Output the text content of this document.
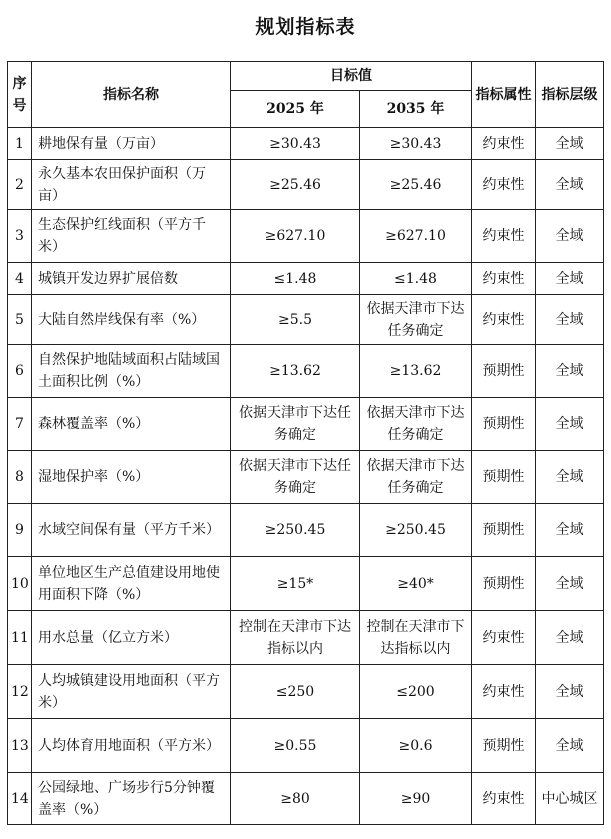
规划指标表
序号	指标名称	目标值		指标属性	指标层级
		2025 年	2035 年		
1	耕地保有量（万亩）	≥30.43	≥30.43	约束性	全域
2	永久基本农田保护面积（万亩）	≥25.46	≥25.46	约束性	全域
3	生态保护红线面积（平方千米）	≥627.10	≥627.10	约束性	全域
4	城镇开发边界扩展倍数	≤1.48	≤1.48	约束性	全域
5	大陆自然岸线保有率（%）	≥5.5	依据天津市下达任务确定	约束性	全域
6	自然保护地陆域面积占陆域国土面积比例（%）	≥13.62	≥13.62	预期性	全域
7	森林覆盖率（%）	依据天津市下达任务确定	依据天津市下达任务确定	预期性	全域
8	湿地保护率（%）	依据天津市下达任务确定	依据天津市下达任务确定	预期性	全域
9	水域空间保有量（平方千米）	≥250.45	≥250.45	预期性	全域
10	单位地区生产总值建设用地使用面积下降（%）	≥15*	≥40*	预期性	全域
11	用水总量（亿立方米）	控制在天津市下达指标以内	控制在天津市下达指标以内	约束性	全域
12	人均城镇建设用地面积（平方米）	≤250	≤200	约束性	全域
13	人均体育用地面积（平方米）	≥0.55	≥0.6	预期性	全域
14	公园绿地、广场步行5分钟覆盖率（%）	≥80	≥90	约束性	中心城区
